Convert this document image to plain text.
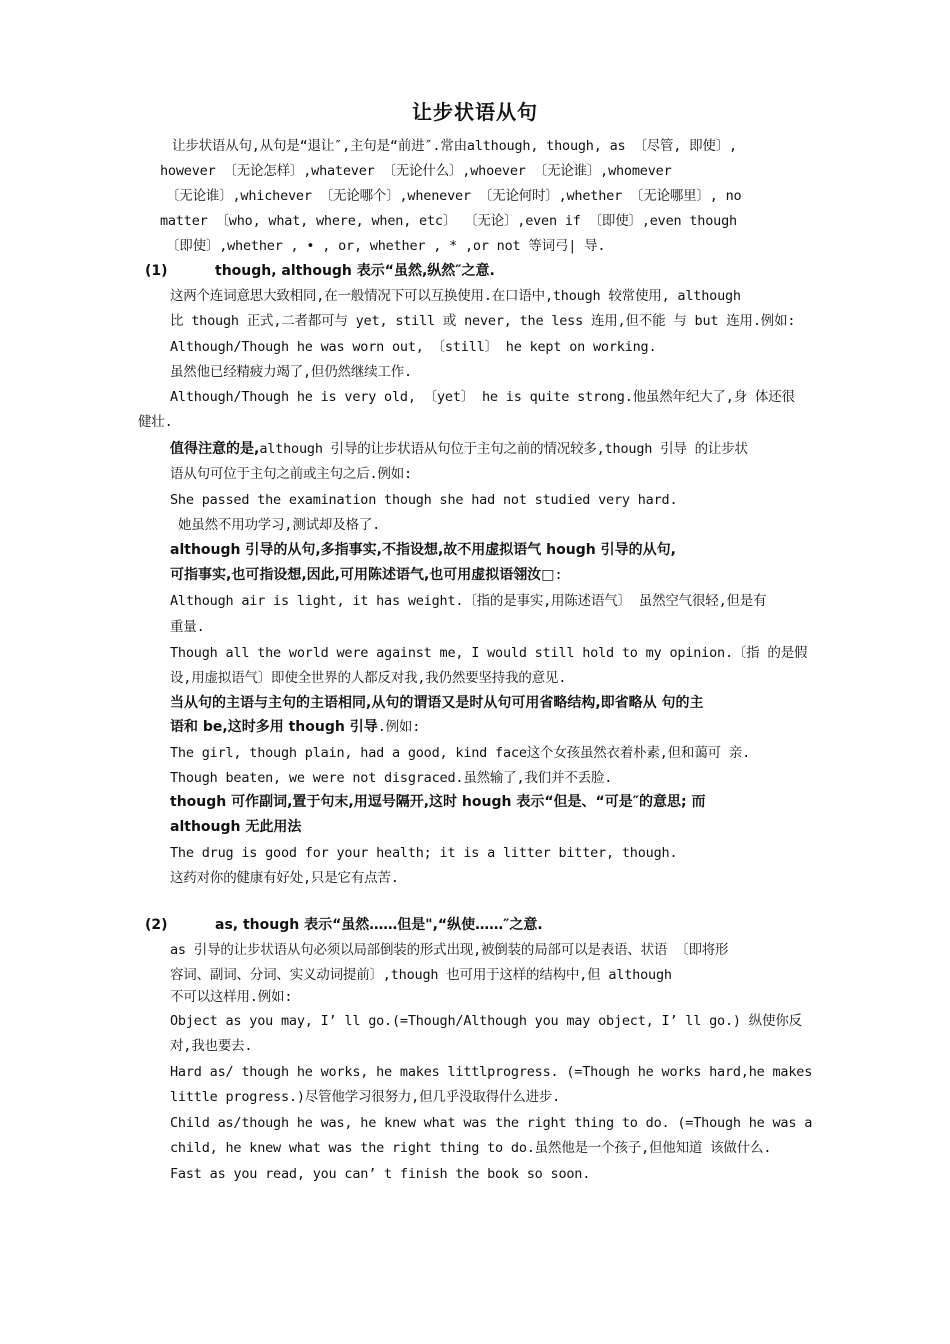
让步状语从句
让步状语从句,从句是“退让″,主句是“前进″.常由although, though, as 〔尽管, 即使〕,
however 〔无论怎样〕,whatever 〔无论什么〕,whoever 〔无论谁〕,whomever
〔无论谁〕,whichever 〔无论哪个〕,whenever 〔无论何时〕,whether 〔无论哪里〕, no
matter 〔who, what, where, when, etc〕 〔无论〕,even if 〔即使〕,even though
〔即使〕,whether , • , or, whether , * ,or not 等词弓| 导.
(1)	though, although 表示“虽然,纵然″之意.
这两个连词意思大致相同,在一般情况下可以互换使用.在口语中,though 较常使用, although
比 though 正式,二者都可与 yet, still 或 never, the less 连用,但不能 与 but 连用.例如:
Although/Though he was worn out, 〔still〕 he kept on working.
虽然他已经精疲力竭了,但仍然继续工作.
Although/Though he is very old, 〔yet〕 he is quite strong.他虽然年纪大了,身 体还很
健壮.
值得注意的是,although 引导的让步状语从句位于主句之前的情况较多,though 引导 的让步状
语从句可位于主句之前或主句之后.例如:
She passed the examination though she had not studied very hard.
她虽然不用功学习,测试却及格了.
although 引导的从句,多指事实,不指设想,故不用虚拟语气 hough 引导的从句,
可指事实,也可指设想,因此,可用陈述语气,也可用虚拟语翎汝□:
Although air is light, it has weight.〔指的是事实,用陈述语气〕 虽然空气很轻,但是有
重量.
Though all the world were against me, I would still hold to my opinion.〔指 的是假
设,用虚拟语气〕即使全世界的人都反对我,我仍然要坚持我的意见.
当从句的主语与主句的主语相同,从句的谓语又是时从句可用省略结构,即省略从 句的主
语和 be,这时多用 though 引导.例如:
The girl, though plain, had a good, kind face这个女孩虽然衣着朴素,但和蔼可 亲.
Though beaten, we were not disgraced.虽然输了,我们并不丢脸.
though 可作副词,置于句末,用逗号隔开,这时 hough 表示“但是、“可是″的意思; 而
although 无此用法
The drug is good for your health; it is a litter bitter, though.
这药对你的健康有好处,只是它有点苦.
(2)	as, though 表示“虽然……但是",“纵使……″之意.
as 引导的让步状语从句必须以局部倒装的形式出现,被倒装的局部可以是表语、状语 〔即将形
容词、副词、分词、实义动词提前〕,though 也可用于这样的结构中,但 although
不可以这样用.例如:
Object as you may, I’ ll go.(=Though/Although you may object, I’ ll go.) 纵使你反
对,我也要去.
Hard as/ though he works, he makes littlprogress. (=Though he works hard,he makes
little progress.)尽管他学习很努力,但几乎没取得什么进步.
Child as/though he was, he knew what was the right thing to do. (=Though he was a
child, he knew what was the right thing to do.虽然他是一个孩子,但他知道 该做什么.
Fast as you read, you can’ t finish the book so soon.
